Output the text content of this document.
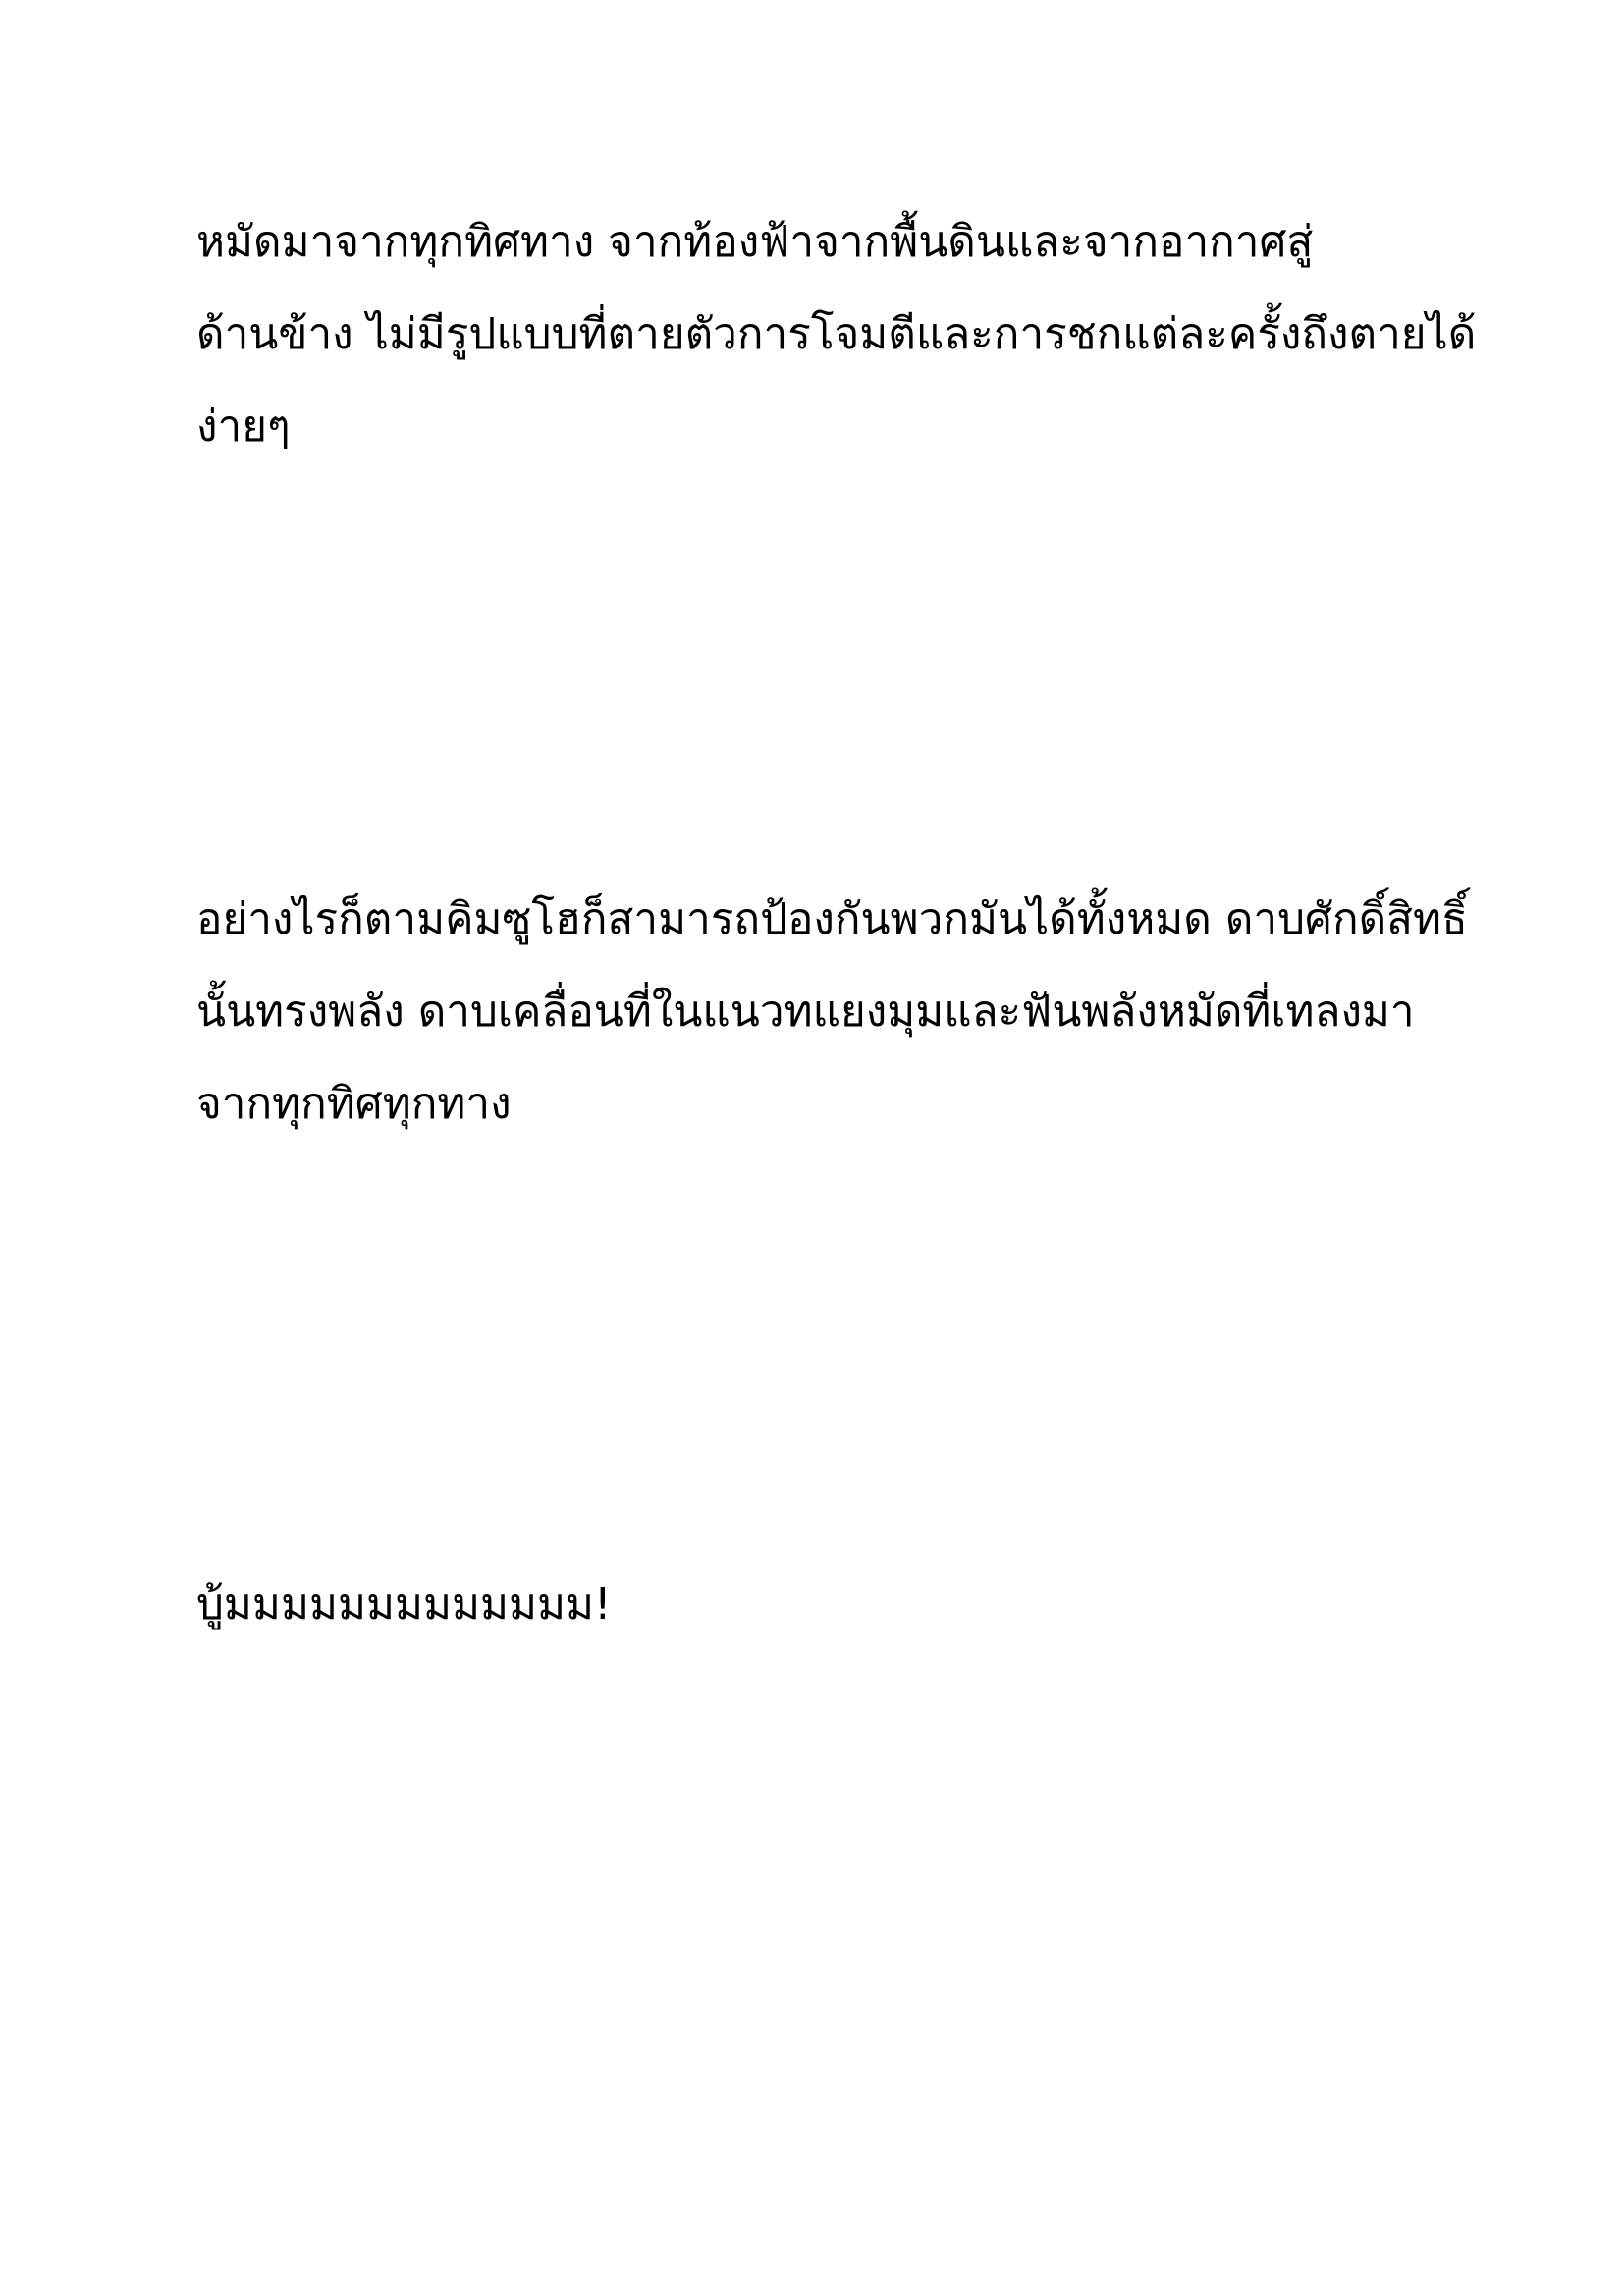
หมัดมาจากทุกทิศทาง จากท้องฟ้าจากพื้นดินและจากอากาศสู่
ด้านข้าง ไม่มีรูปแบบที่ตายตัวการโจมตีและการชกแต่ละครั้งถึงตายได้
ง่ายๆ
อย่างไรก็ตามคิมซูโฮก็สามารถป้องกันพวกมันได้ทั้งหมด ดาบศักดิ์สิทธิ์
นั้นทรงพลัง ดาบเคลื่อนที่ในแนวทแยงมุมและฟันพลังหมัดที่เทลงมา
จากทุกทิศทุกทาง
บู้มมมมมมมมมมมมม!
